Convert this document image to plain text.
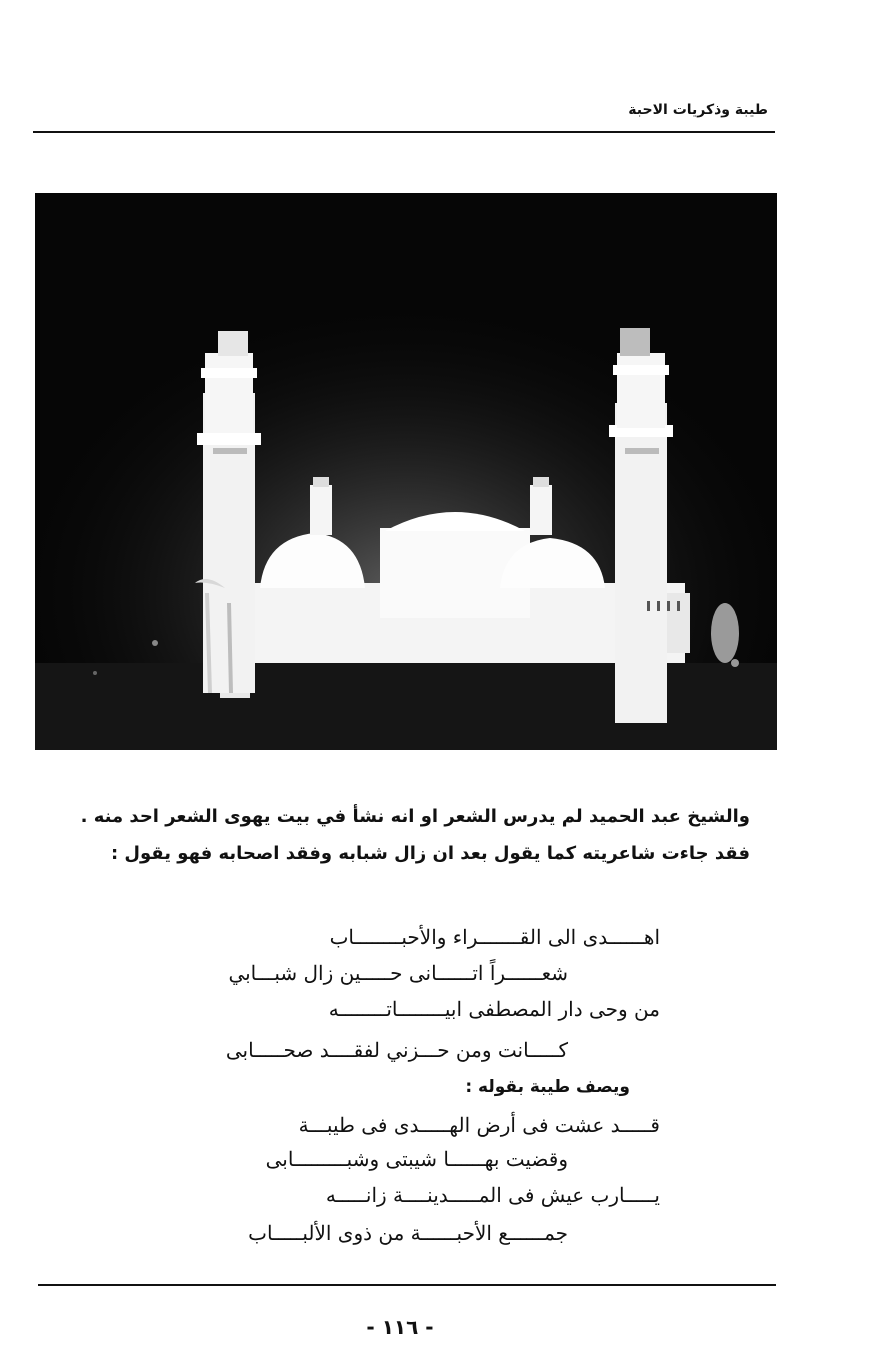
طيبة وذكريات الاحبة
والشيخ عبد الحميد لم يدرس الشعر او انه نشأ في بيت يهوى الشعر احد منه .
فقد جاءت شاعريته كما يقول بعد ان زال شبابه وفقد اصحابه فهو يقول :
اهــــــدى الى القـــــــراء والأحبــــــــاب
شعــــــراً اتــــــانى حـــــين زال شبـــابي
من وحى دار المصطفى ابيــــــــاتــــــــه
كـــــانت ومن حـــزني لفقــــد صحـــــابى
ويصف طيبة بقوله :
قـــــد عشت فى أرض الهـــــدى فى طيبـــة
وقضيت بهــــــا شيبتى وشبـــــــــابى
يـــــارب عيش فى المـــــدينــــة زانـــــه
جمــــــع الأحبــــــة من ذوى الألبـــــاب
- ١١٦ -
